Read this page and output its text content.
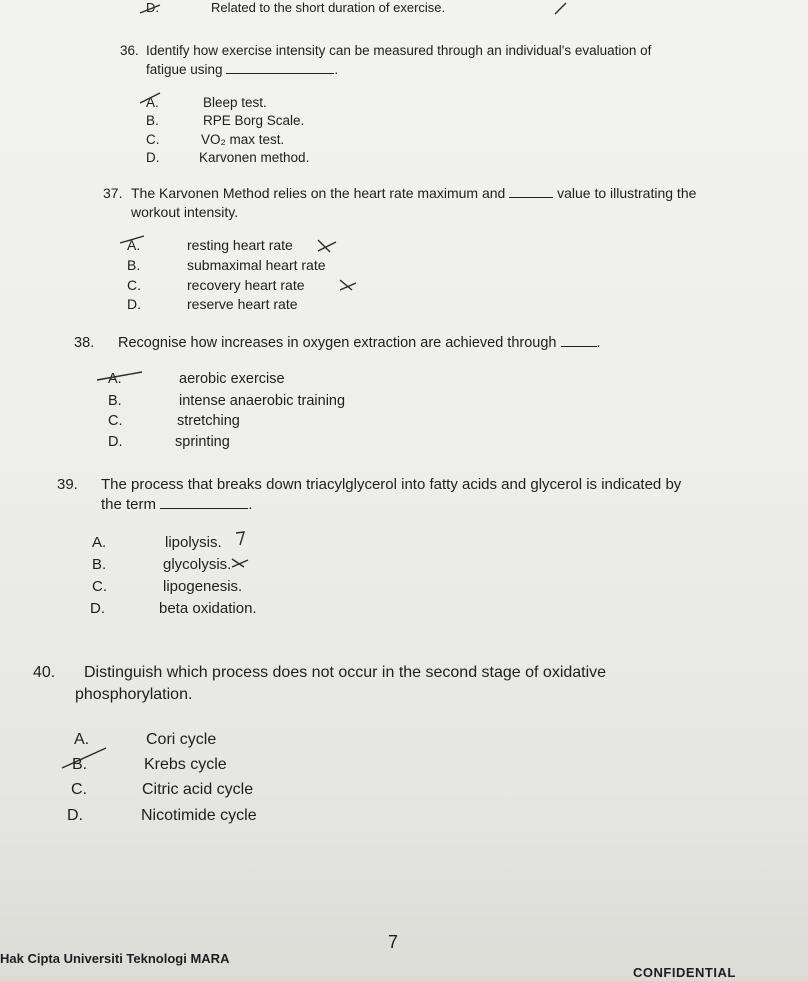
D.	Related to the short duration of exercise.
36. Identify how exercise intensity can be measured through an individual's evaluation of
fatigue using	.
A.	Bleep test.
B.	RPE Borg Scale.
C.	VO₂ max test.
D.	Karvonen method.
37. The Karvonen Method relies on the heart rate maximum and	value to illustrating the
workout intensity.
A.	resting heart rate
B.	submaximal heart rate
C.	recovery heart rate
D.	reserve heart rate
38. Recognise how increases in oxygen extraction are achieved through	.
A.	aerobic exercise
B.	intense anaerobic training
C.	stretching
D.	sprinting
39. The process that breaks down triacylglycerol into fatty acids and glycerol is indicated by
the term	.
A.	lipolysis.
B.	glycolysis.
C.	lipogenesis.
D.	beta oxidation.
40. Distinguish which process does not occur in the second stage of oxidative
phosphorylation.
A.	Cori cycle
B.	Krebs cycle
C.	Citric acid cycle
D.	Nicotimide cycle
7
Hak Cipta Universiti Teknologi MARA
CONFIDENTIAL
